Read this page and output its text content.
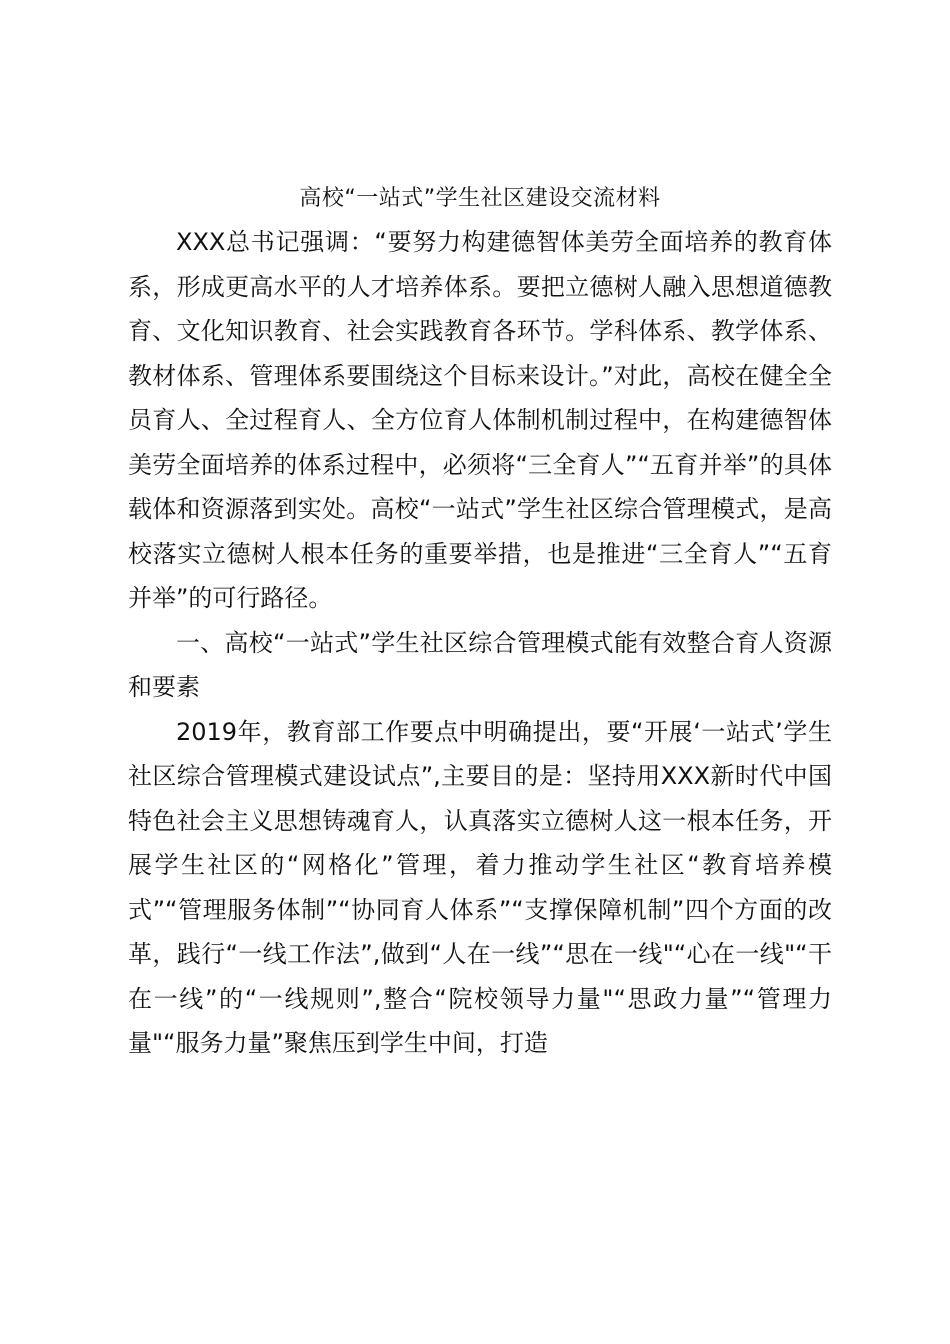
高校“一站式”学生社区建设交流材料

XXX总书记强调：“要努力构建德智体美劳全面培养的教育体系，形成更高水平的人才培养体系。要把立德树人融入思想道德教育、文化知识教育、社会实践教育各环节。学科体系、教学体系、教材体系、管理体系要围绕这个目标来设计。”对此，高校在健全全员育人、全过程育人、全方位育人体制机制过程中，在构建德智体美劳全面培养的体系过程中，必须将“三全育人”“五育并举”的具体载体和资源落到实处。高校“一站式”学生社区综合管理模式，是高校落实立德树人根本任务的重要举措，也是推进“三全育人”“五育并举”的可行路径。

一、高校“一站式”学生社区综合管理模式能有效整合育人资源和要素

2019年，教育部工作要点中明确提出，要“开展‘一站式’学生社区综合管理模式建设试点”,主要目的是：坚持用XXX新时代中国特色社会主义思想铸魂育人，认真落实立德树人这一根本任务，开展学生社区的“网格化”管理，着力推动学生社区“教育培养模式”“管理服务体制”“协同育人体系”“支撑保障机制”四个方面的改革，践行“一线工作法”,做到“人在一线”“思在一线"“心在一线"“干在一线”的“一线规则”,整合“院校领导力量"“思政力量”“管理力量"“服务力量”聚焦压到学生中间，打造
